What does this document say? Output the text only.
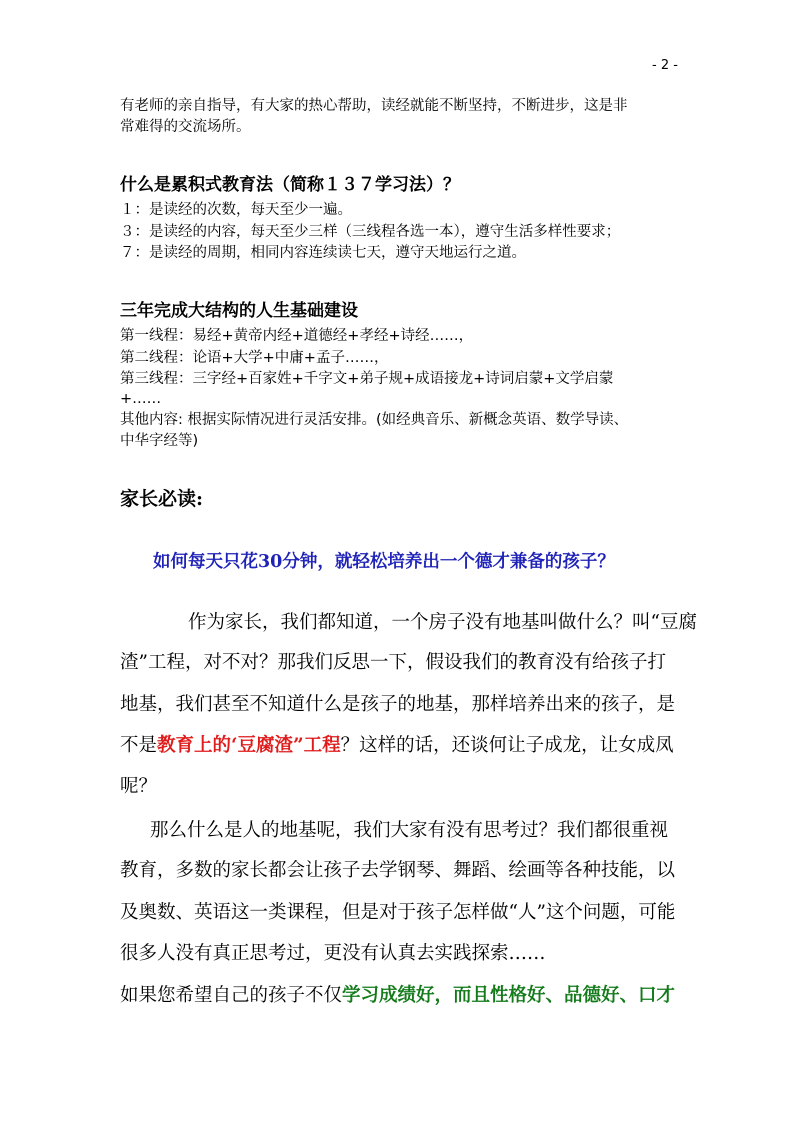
- 2 -
有老师的亲自指导，有大家的热心帮助，读经就能不断坚持，不断进步，这是非
常难得的交流场所。
什么是累积式教育法（简称１３７学习法）？
１：是读经的次数，每天至少一遍。
３：是读经的内容，每天至少三样（三线程各选一本），遵守生活多样性要求；
７：是读经的周期，相同内容连续读七天，遵守天地运行之道。
三年完成大结构的人生基础建设
第一线程：易经+黄帝内经+道德经+孝经+诗经……，
第二线程：论语+大学+中庸+孟子……，
第三线程：三字经+百家姓+千字文+弟子规+成语接龙+诗词启蒙+文学启蒙
+……
其他内容: 根据实际情况进行灵活安排。(如经典音乐、新概念英语、数学导读、
中华字经等)
家长必读:
如何每天只花30分钟，就轻松培养出一个德才兼备的孩子？
作为家长，我们都知道，一个房子没有地基叫做什么？叫“豆腐
渣”工程，对不对？那我们反思一下，假设我们的教育没有给孩子打
地基，我们甚至不知道什么是孩子的地基，那样培养出来的孩子，是
不是教育上的‘豆腐渣”工程？这样的话，还谈何让子成龙，让女成凤
呢？
那么什么是人的地基呢，我们大家有没有思考过？我们都很重视
教育，多数的家长都会让孩子去学钢琴、舞蹈、绘画等各种技能，以
及奥数、英语这一类课程，但是对于孩子怎样做“人”这个问题，可能
很多人没有真正思考过，更没有认真去实践探索……
如果您希望自己的孩子不仅学习成绩好，而且性格好、品德好、口才
